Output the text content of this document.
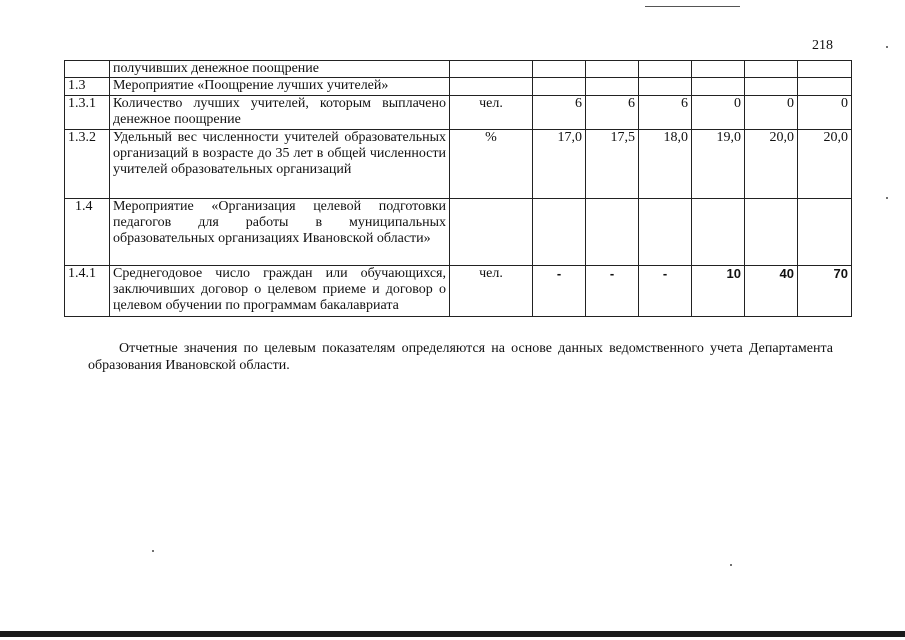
218
	получивших денежное поощрение							
1.3	Мероприятие «Поощрение лучших учителей»							
1.3.1	Количество лучших учителей, которым выплачено денежное поощрение	чел.	6	6	6	0	0	0
1.3.2	Удельный вес численности учителей образовательных организаций в возрасте до 35 лет в общей численности учителей образовательных организаций	%	17,0	17,5	18,0	19,0	20,0	20,0
1.4	Мероприятие «Организация целевой подготовки педагогов для работы в муниципальных образовательных организациях Ивановской области»							
1.4.1	Среднегодовое число граждан или обучающихся, заключивших договор о целевом приеме и договор о целевом обучении по программам бакалавриата	чел.	-	-	-	10	40	70

Отчетные значения по целевым показателям определяются на основе данных ведомственного учета Департамента образования Ивановской области.
